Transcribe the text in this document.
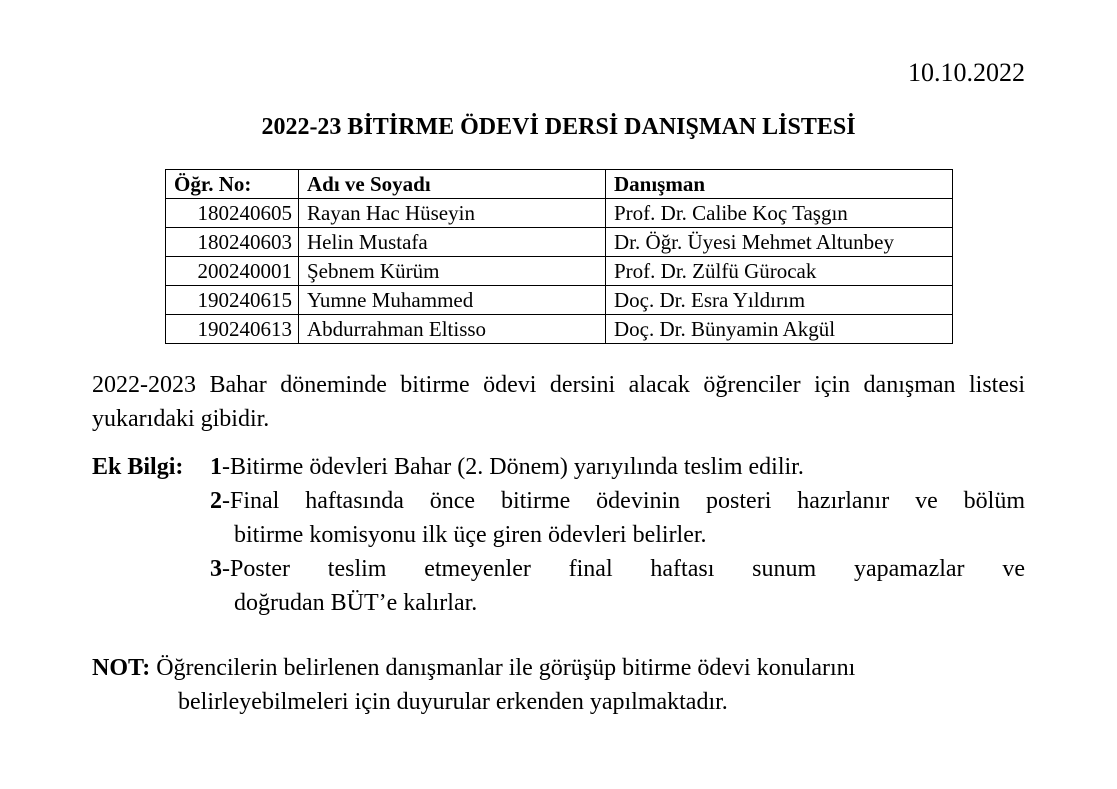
10.10.2022
2022-23 BİTİRME ÖDEVİ DERSİ DANIŞMAN LİSTESİ
Öğr. No:	Adı ve Soyadı	Danışman
180240605	Rayan Hac Hüseyin	Prof. Dr. Calibe Koç Taşgın
180240603	Helin Mustafa	Dr. Öğr. Üyesi Mehmet Altunbey
200240001	Şebnem Kürüm	Prof. Dr. Zülfü Gürocak
190240615	Yumne Muhammed	Doç. Dr. Esra Yıldırım
190240613	Abdurrahman Eltisso	Doç. Dr. Bünyamin Akgül
2022-2023 Bahar döneminde bitirme ödevi dersini alacak öğrenciler için danışman listesi yukarıdaki gibidir.
Ek Bilgi:	1 -Bitirme ödevleri Bahar (2. Dönem) yarıyılında teslim edilir.
2 -Final haftasında önce bitirme ödevinin posteri hazırlanır ve bölüm
bitirme komisyonu ilk üçe giren ödevleri belirler.
3 -Poster teslim etmeyenler final haftası sunum yapamazlar ve
doğrudan BÜT’e kalırlar.
NOT: Öğrencilerin belirlenen danışmanlar ile görüşüp bitirme ödevi konularını
belirleyebilmeleri için duyurular erkenden yapılmaktadır.
